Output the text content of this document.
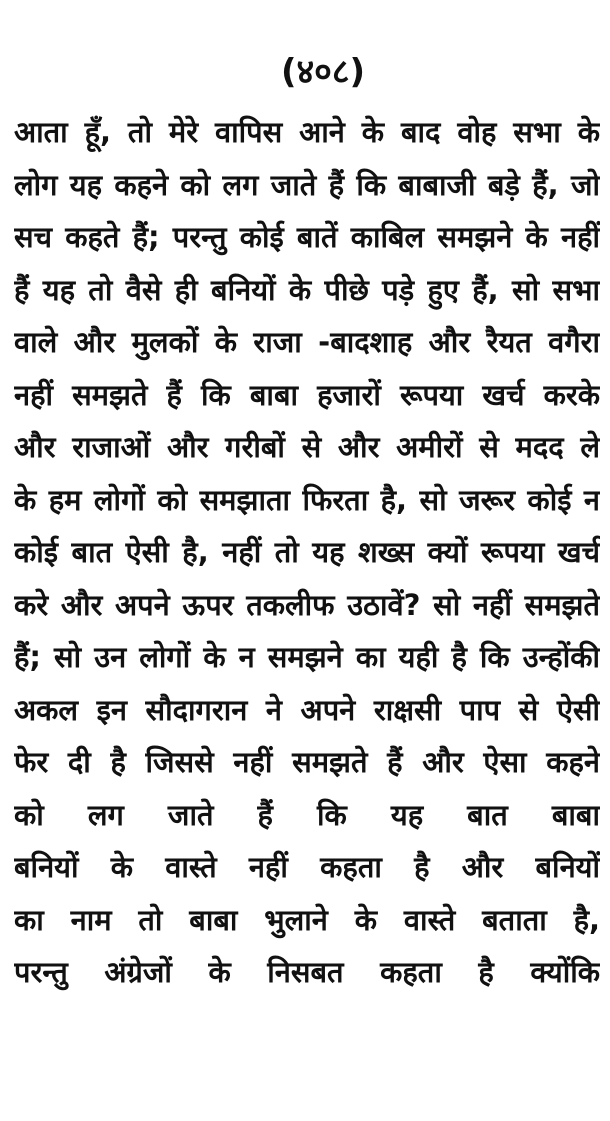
(४०८)
आता हूँ, तो मेरे वापिस आने के बाद वोह सभा के
लोग यह कहने को लग जाते हैं कि बाबाजी बड़े हैं, जो
सच कहते हैं; परन्तु कोई बातें काबिल समझने के नहीं
हैं यह तो वैसे ही बनियों के पीछे पड़े हुए हैं, सो सभा
वाले और मुलकों के राजा -बादशाह और रैयत वगैरा
नहीं समझते हैं कि बाबा हजारों रूपया खर्च करके
और राजाओं और गरीबों से और अमीरों से मदद ले
के हम लोगों को समझाता फिरता है, सो जरूर कोई न
कोई बात ऐसी है, नहीं तो यह शख्स क्यों रूपया खर्च
करे और अपने ऊपर तकलीफ उठावें? सो नहीं समझते
हैं; सो उन लोगों के न समझने का यही है कि उन्होंकी
अकल इन सौदागरान ने अपने राक्षसी पाप से ऐसी
फेर दी है जिससे नहीं समझते हैं और ऐसा कहने
को लग जाते हैं कि यह बात बाबा
बनियों के वास्ते नहीं कहता है और बनियों
का नाम तो बाबा भुलाने के वास्ते बताता है,
परन्तु अंग्रेजों के निसबत कहता है क्योंकि
